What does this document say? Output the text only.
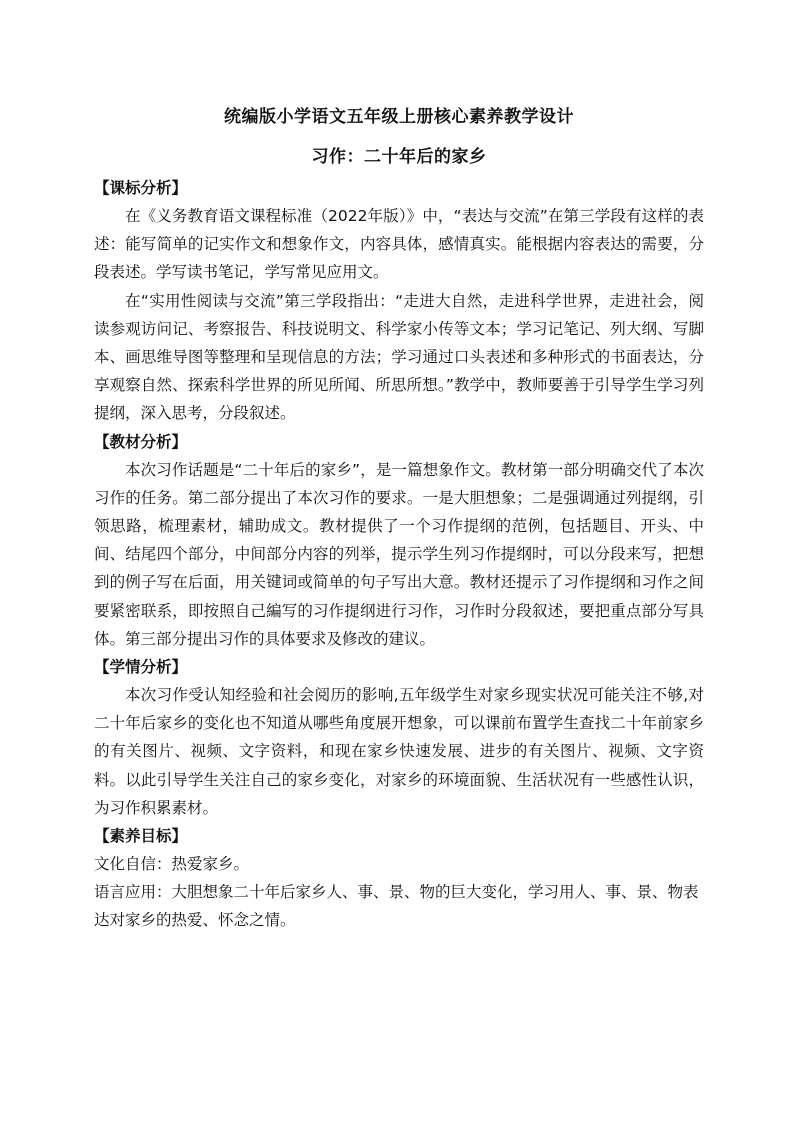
统编版小学语文五年级上册核心素养教学设计
习作：二十年后的家乡

【课标分析】

在《义务教育语文课程标准（2022年版）》中，“表达与交流”在第三学段有这样的表述：能写简单的记实作文和想象作文，内容具体，感情真实。能根据内容表达的需要，分段表述。学写读书笔记，学写常见应用文。

在“实用性阅读与交流”第三学段指出：“走进大自然，走进科学世界，走进社会，阅读参观访问记、考察报告、科技说明文、科学家小传等文本；学习记笔记、列大纲、写脚本、画思维导图等整理和呈现信息的方法；学习通过口头表述和多种形式的书面表达，分享观察自然、探索科学世界的所见所闻、所思所想。”教学中，教师要善于引导学生学习列提纲，深入思考，分段叙述。

【教材分析】

本次习作话题是“二十年后的家乡”，是一篇想象作文。教材第一部分明确交代了本次习作的任务。第二部分提出了本次习作的要求。一是大胆想象；二是强调通过列提纲，引领思路，梳理素材，辅助成文。教材提供了一个习作提纲的范例，包括题目、开头、中间、结尾四个部分，中间部分内容的列举，提示学生列习作提纲时，可以分段来写，把想到的例子写在后面，用关键词或简单的句子写出大意。教材还提示了习作提纲和习作之间要紧密联系，即按照自己編写的习作提纲进行习作，习作时分段叙述，要把重点部分写具体。第三部分提出习作的具体要求及修改的建议。

【学情分析】

本次习作受认知经验和社会阅历的影响,五年级学生对家乡现实状况可能关注不够,对二十年后家乡的变化也不知道从哪些角度展开想象，可以课前布置学生查找二十年前家乡的有关图片、视频、文字资料，和现在家乡快速发展、进步的有关图片、视频、文字资料。以此引导学生关注自己的家乡变化，对家乡的环境面貌、生活状况有一些感性认识，为习作积累素材。

【素养目标】

文化自信：热爱家乡。

语言应用：大胆想象二十年后家乡人、事、景、物的巨大变化，学习用人、事、景、物表达对家乡的热爱、怀念之情。
